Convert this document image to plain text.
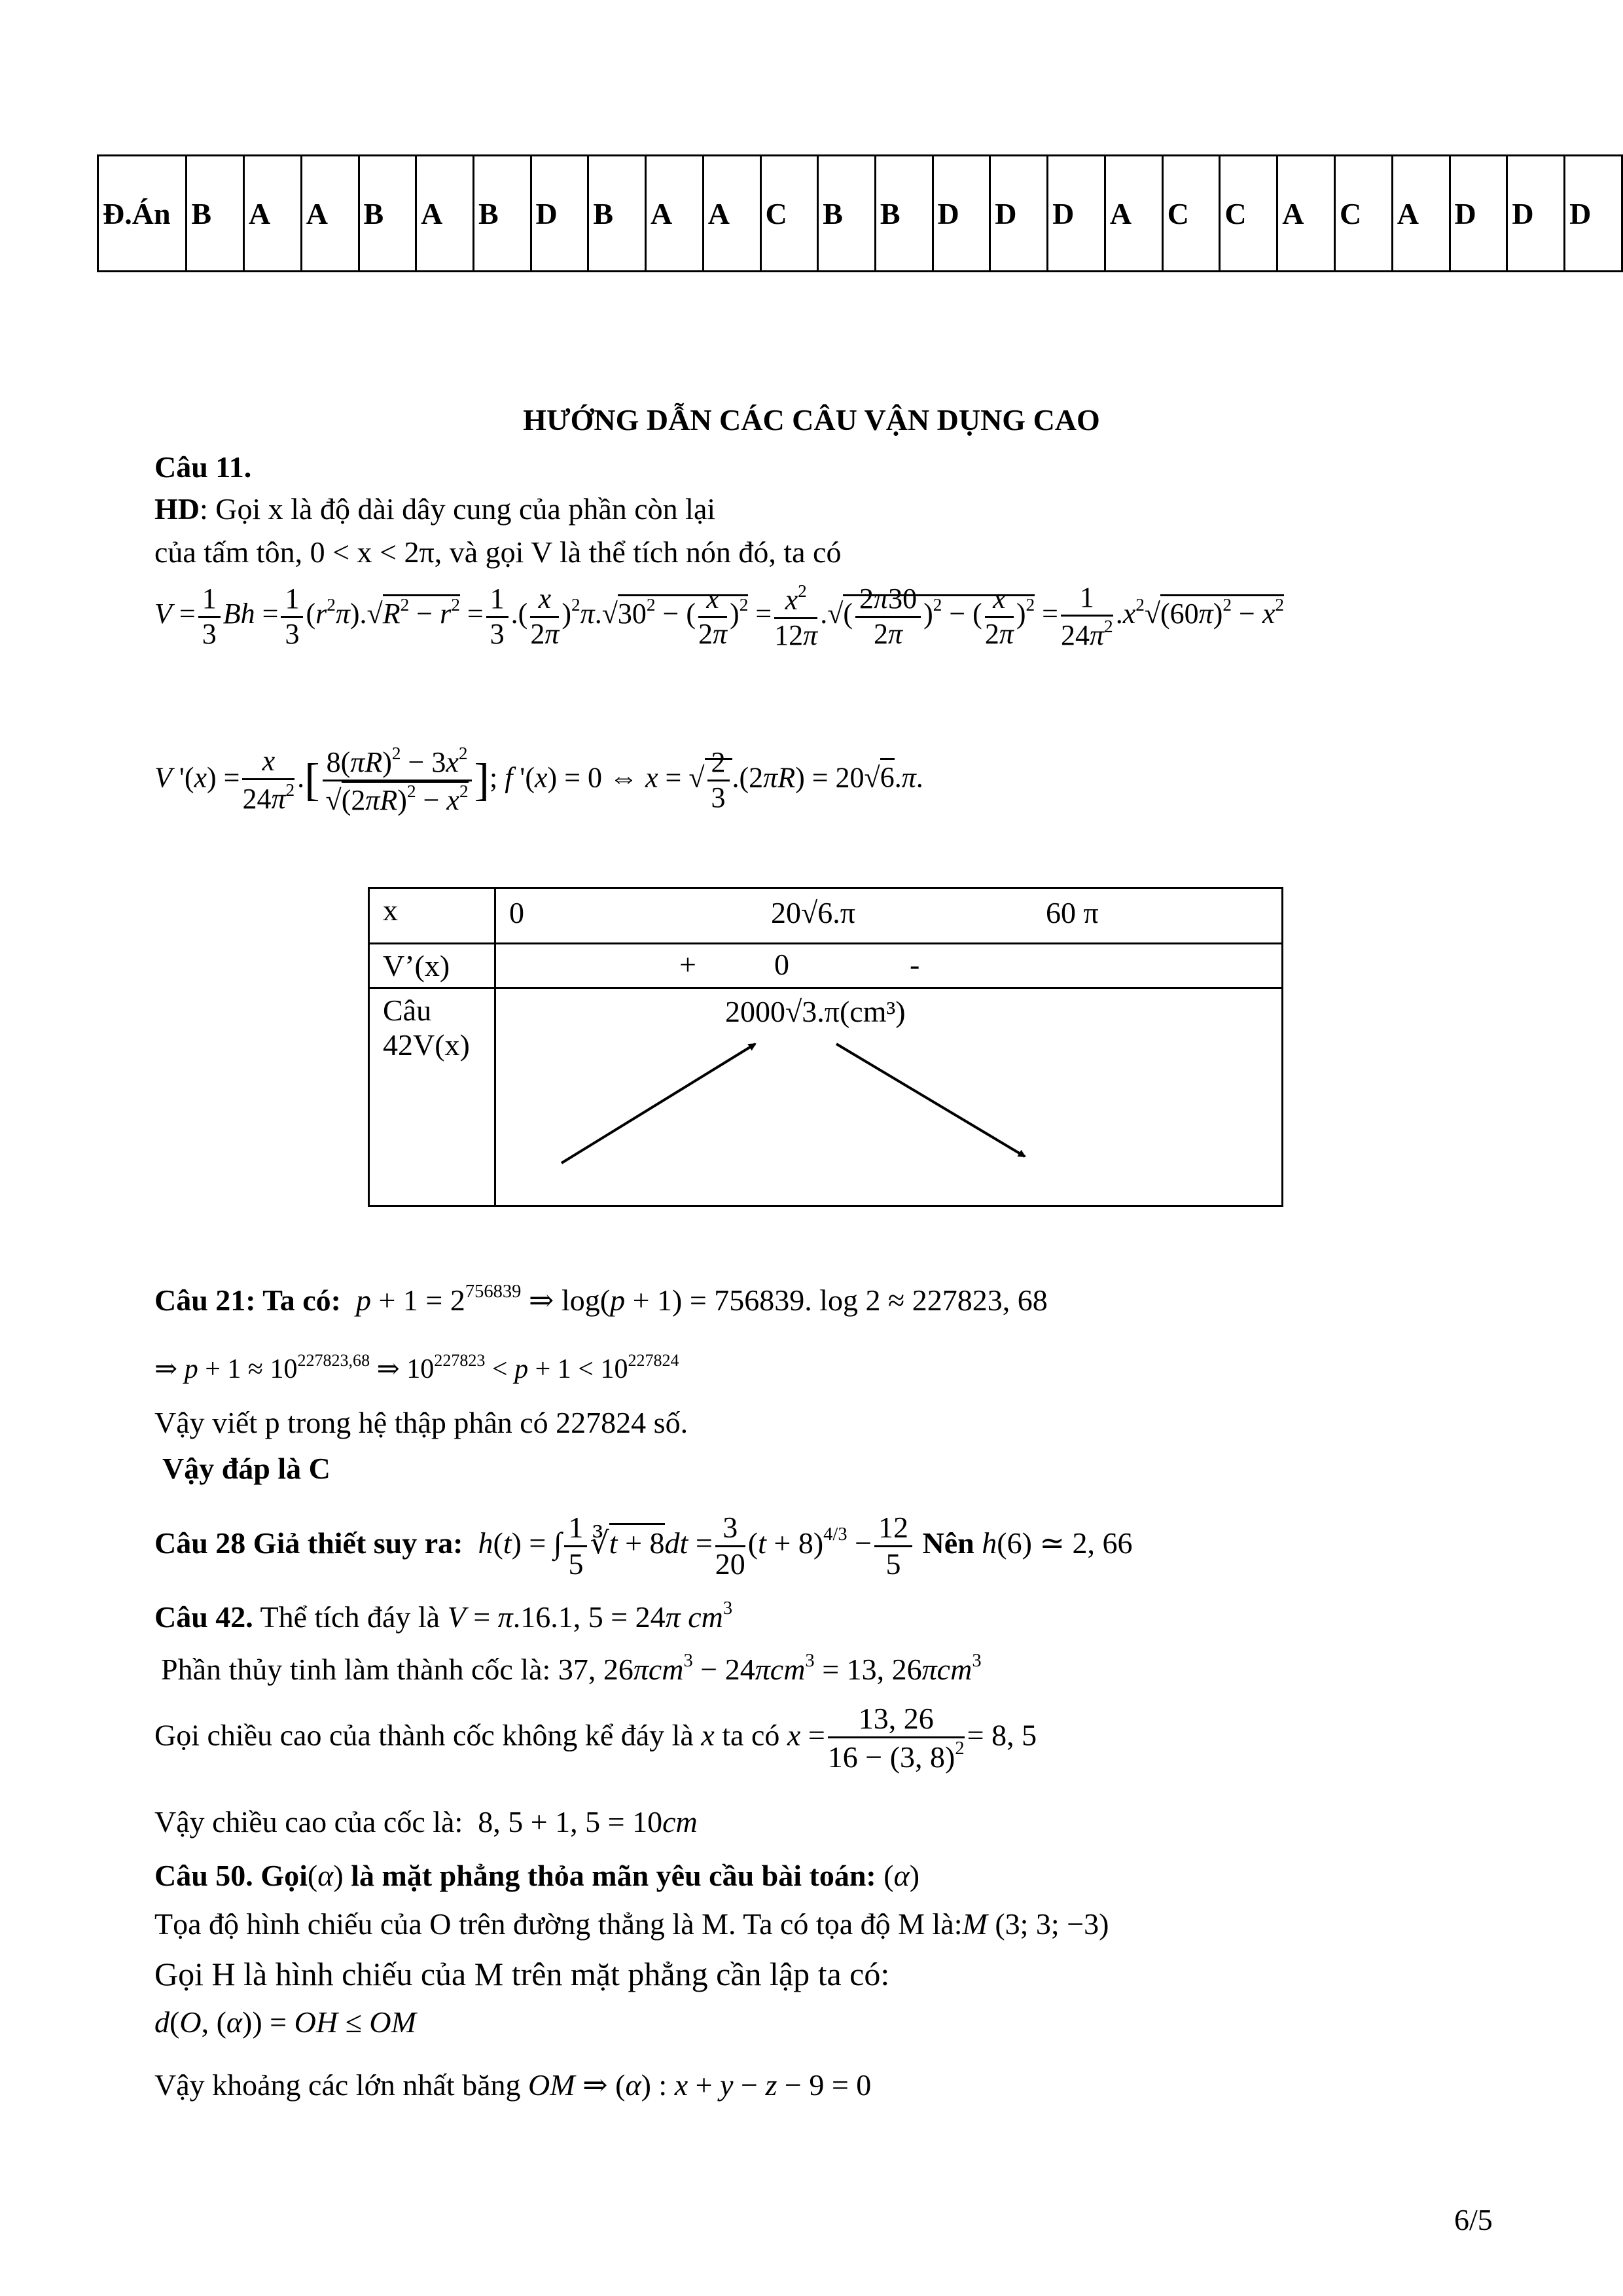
Đ.Án	B	A	A	B	A	B	D	B	A	A	C	B	B	D	D	D	A	C	C	A	C	A	D	D	D
HƯỚNG DẪN CÁC CÂU VẬN DỤNG CAO
Câu 11.
HD: Gọi x là độ dài dây cung của phần còn lại
của tấm tôn, 0 < x < 2π, và gọi V là thể tích nón đó, ta có
$V = \frac{1}{3}$ $Bh = \frac{1}{3} (r^2\pi).√R^2 - r^2 = \frac{1}{3}$ .( $\frac{x}{2\pi} )^2\pi.√30^2$ − ( $\frac{x}{2\pi} )^2 = \frac{x^2}{12\pi}$ .√( $\frac{2\pi 30}{2\pi} )^2$ − ( $\frac{x}{2\pi} )^2 = \frac{1}{24\pi^2} .x^2√(60\pi)^2 - x^2$
V '$(x) = \frac{x}{24\pi^2}$ .[ $\frac{8(\pi R)^2 - 3x^2}{√(2\pi R)^2 - x^2}$ ]; f '(x) = 0 ⇔ x = √ $\frac{2}{3} .(2\pi R) = 20√6.\pi$.
x	0 20√6.π 60 π

V’(x)	+ 0 -

Câu
42V(x)	2000√3.π(cm³)
Câu 21: Ta có: $p + 1 = 2^{756839}$ ⇒ log(p + 1) = 756839. log 2 ≈ 227823, 68
⇒ $p + 1 \approx 10^{227823,68}$ ⇒ $10^{227823} < p + 1 < 10^{227824}$
Vậy viết p trong hệ thập phân có 227824 số.
Vậy đáp là C
Câu 28 Giả thiết suy ra: h(t) = ∫ $\frac{1}{5}$ ∛t + $8dt = \frac{3}{20} (t + 8)^{4/3} - \frac{12}{5}$ Nên h(6) ≃ 2, 66
Câu 42. Thể tích đáy là V = π.16.1, 5 = 24π $cm^3$
Phần thủy tinh làm thành cốc là: 37, 26πcm$^3$ − 24πcm$^3$ = 13, 26πcm$^3$
Gọi chiều cao của thành cốc không kể đáy là x ta có $x = \frac{13, 26}{16 - (3, 8)^2} = 8$, 5
Vậy chiều cao của cốc là:  8, 5 + 1, 5 = 10cm
Câu 50. Gọi(α) là mặt phẳng thỏa mãn yêu cầu bài toán: (α)
Tọa độ hình chiếu của O trên đường thẳng là M. Ta có tọa độ M là:M (3; 3; −3)
Gọi H là hình chiếu của M trên mặt phẳng cần lập ta có:
d(O, (α)) = OH ≤ OM
Vậy khoảng các lớn nhất băng OM ⇒ (α) : x + y − z − 9 = 0
6/5
